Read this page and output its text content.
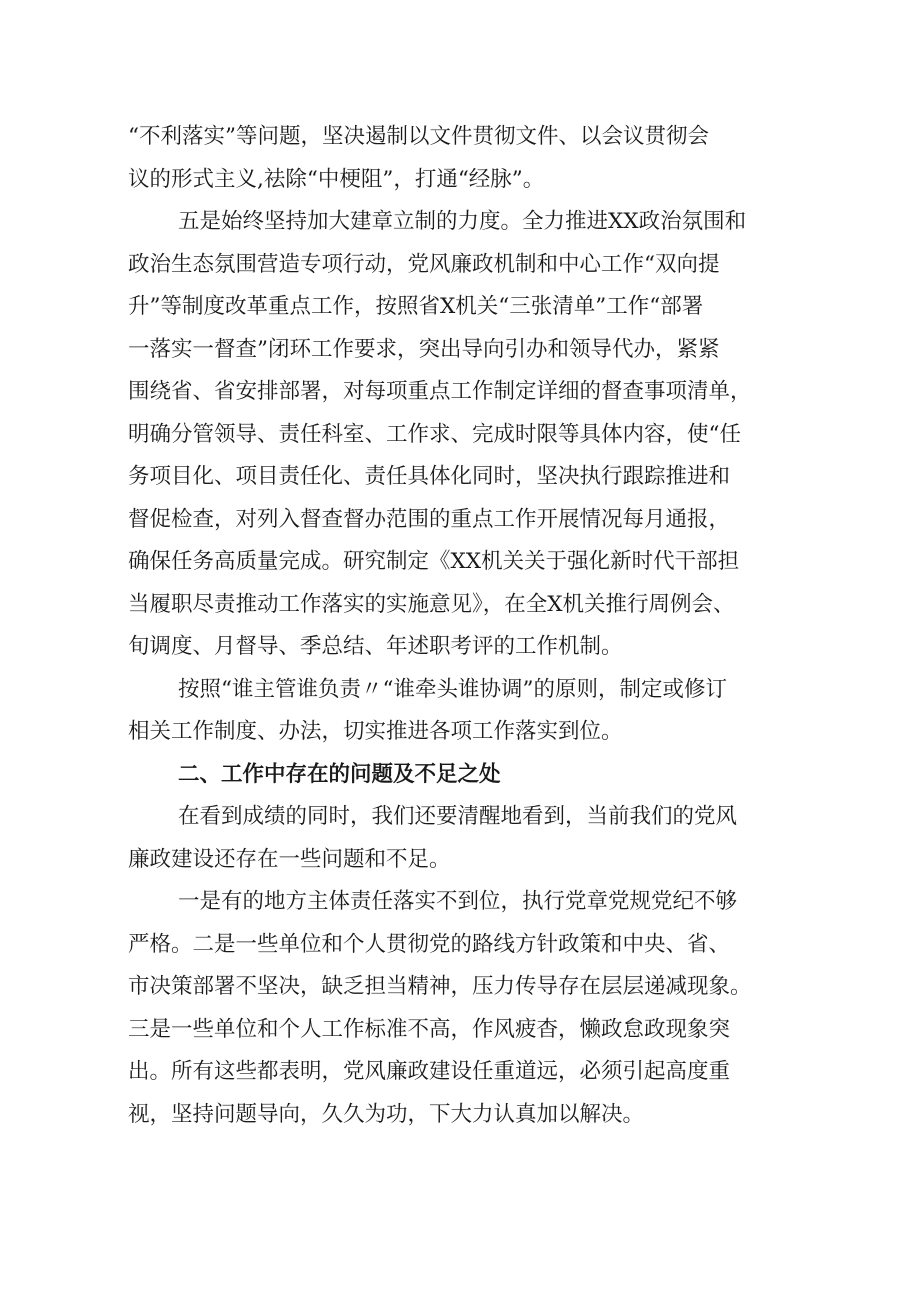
“不利落实”等问题，坚决遏制以文件贯彻文件、以会议贯彻会
议的形式主义,祛除“中梗阻”，打通“经脉”。
五是始终坚持加大建章立制的力度。全力推进XX政治氛围和
政治生态氛围营造专项行动，党风廉政机制和中心工作“双向提
升”等制度改革重点工作，按照省X机关“三张清单”工作“部署
一落实一督查”闭环工作要求，突出导向引办和领导代办，紧紧
围绕省、省安排部署，对每项重点工作制定详细的督查事项清单，
明确分管领导、责任科室、工作求、完成时限等具体内容，使“任
务项目化、项目责任化、责任具体化同时，坚决执行跟踪推进和
督促检查，对列入督查督办范围的重点工作开展情况每月通报，
确保任务高质量完成。研究制定《XX机关关于强化新时代干部担
当履职尽责推动工作落实的实施意见》，在全X机关推行周例会、
旬调度、月督导、季总结、年述职考评的工作机制。
按照“谁主管谁负责〃“谁牵头谁协调”的原则，制定或修订
相关工作制度、办法，切实推进各项工作落实到位。
二、工作中存在的问题及不足之处
在看到成绩的同时，我们还要清醒地看到，当前我们的党风
廉政建设还存在一些问题和不足。
一是有的地方主体责任落实不到位，执行党章党规党纪不够
严格。二是一些单位和个人贯彻党的路线方针政策和中央、省、
市决策部署不坚决，缺乏担当精神，压力传导存在层层递减现象。
三是一些单位和个人工作标准不高，作风疲杳，懒政怠政现象突
出。所有这些都表明，党风廉政建设任重道远，必须引起高度重
视，坚持问题导向，久久为功，下大力认真加以解决。
